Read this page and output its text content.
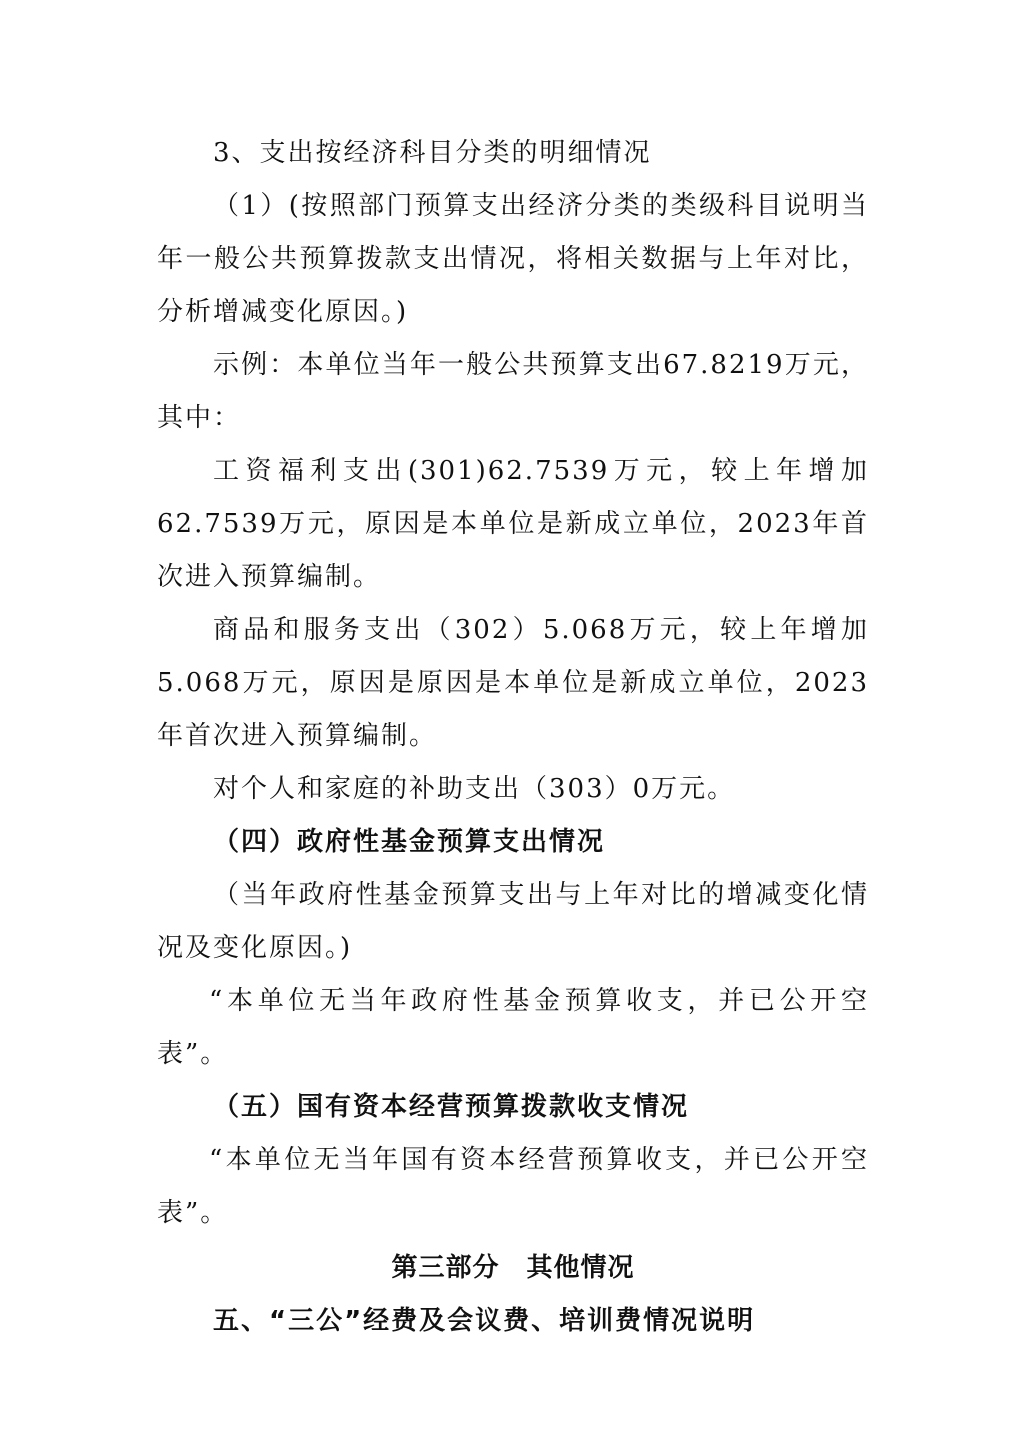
3、支出按经济科目分类的明细情况

（1）(按照部门预算支出经济分类的类级科目说明当年一般公共预算拨款支出情况，将相关数据与上年对比，分析增减变化原因。)

示例：本单位当年一般公共预算支出67.8219万元，其中：

工资福利支出(301)62.7539万元，较上年增加62.7539万元，原因是本单位是新成立单位，2023年首次进入预算编制。

商品和服务支出（302）5.068万元，较上年增加5.068万元，原因是原因是本单位是新成立单位，2023年首次进入预算编制。

对个人和家庭的补助支出（303）0万元。

（四）政府性基金预算支出情况

（当年政府性基金预算支出与上年对比的增减变化情况及变化原因。)

“本单位无当年政府性基金预算收支，并已公开空表”。

（五）国有资本经营预算拨款收支情况

“本单位无当年国有资本经营预算收支，并已公开空表”。

第三部分　其他情况

五、“三公”经费及会议费、培训费情况说明
